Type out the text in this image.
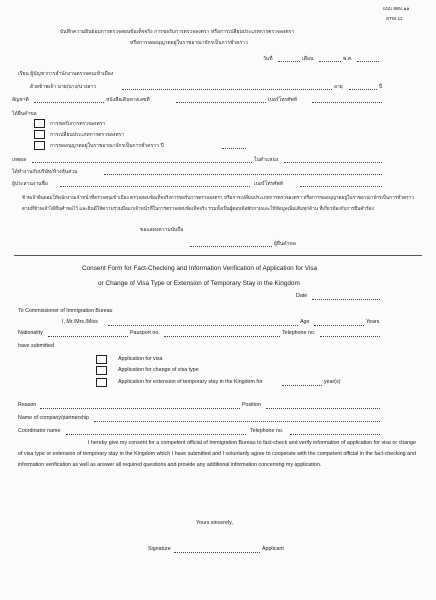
แบบ สตม.๑๑
STM.11
บันทึกความยินยอมการตรวจสอบข้อเท็จจริง การขอรับการตรวจลงตรา หรือการเปลี่ยนประเภทการตรวจลงตรา
หรือการขออนุญาตอยู่ในราชอาณาจักรเป็นการชั่วคราว
วันที่	เดือน	พ.ศ.
เรียน ผู้บัญชาการสำนักงานตรวจคนเข้าเมือง
ด้วยข้าพเจ้า นาย/นาง/นางสาว	อายุ	ปี
สัญชาติ	หนังสือเดินทางเลขที่	เบอร์โทรศัพท์
ได้ยื่นคำขอ
การขอรับการตรวจลงตรา
การเปลี่ยนประเภทการตรวจลงตรา
การขออนุญาตอยู่ในราชอาณาจักรเป็นการชั่วคราว ปี
เหตุผล	ในตำแหน่ง
ได้ทำงานกับบริษัท/ห้างหุ้นส่วน
ผู้ประสานงานชื่อ	เบอร์โทรศัพท์
ข้าพเจ้ายินยอมให้พนักงานเจ้าหน้าที่ตรวจคนเข้าเมือง ตรวจสอบข้อเท็จจริงการขอรับการตรวจลงตรา หรือการเปลี่ยนประเภทการตรวจลงตรา หรือการขออนุญาตอยู่ในราชอาณาจักรเป็นการชั่วคราว ตามที่ข้าพเจ้าได้ยื่นคำขอไว้ และยินดีให้ความร่วมมือแก่เจ้าหน้าที่ในการตรวจสอบข้อเท็จจริง รวมทั้งเป็นผู้ตอบข้อซักถามและให้ข้อมูลเพิ่มเติมทุกด้าน ที่เกี่ยวข้องกับการยื่นคำร้อง
ขอแสดงความนับถือ
ผู้ยื่นคำขอ
Consent Form for Fact-Checking and Information Verification of Application for Visa
or Change of Visa Type or Extension of Temporary Stay in the Kingdom
Date
To Commissioner of Immigration Bureau
I, Mr./Mrs./Miss	Age	Years
Nationality	Passport no.	Telephone no.
have submitted
Application for visa
Application for change of visa type
Application for extension of temporary stay in the Kingdom for	year(s)
Reason	Position
Name of company/partnership
Coordinator name	Telephone no.
I hereby give my consent for a competent official of Immigration Bureau to fact-check and verify information of application for visa or change of visa type or extension of temporary stay in the Kingdom which I have submitted and I voluntarily agree to cooperate with the competent official in the fact-checking and information verification as well as answer all required questions and provide any additional information concerning my application.
Yours sincerely,
Signature	Applicant
